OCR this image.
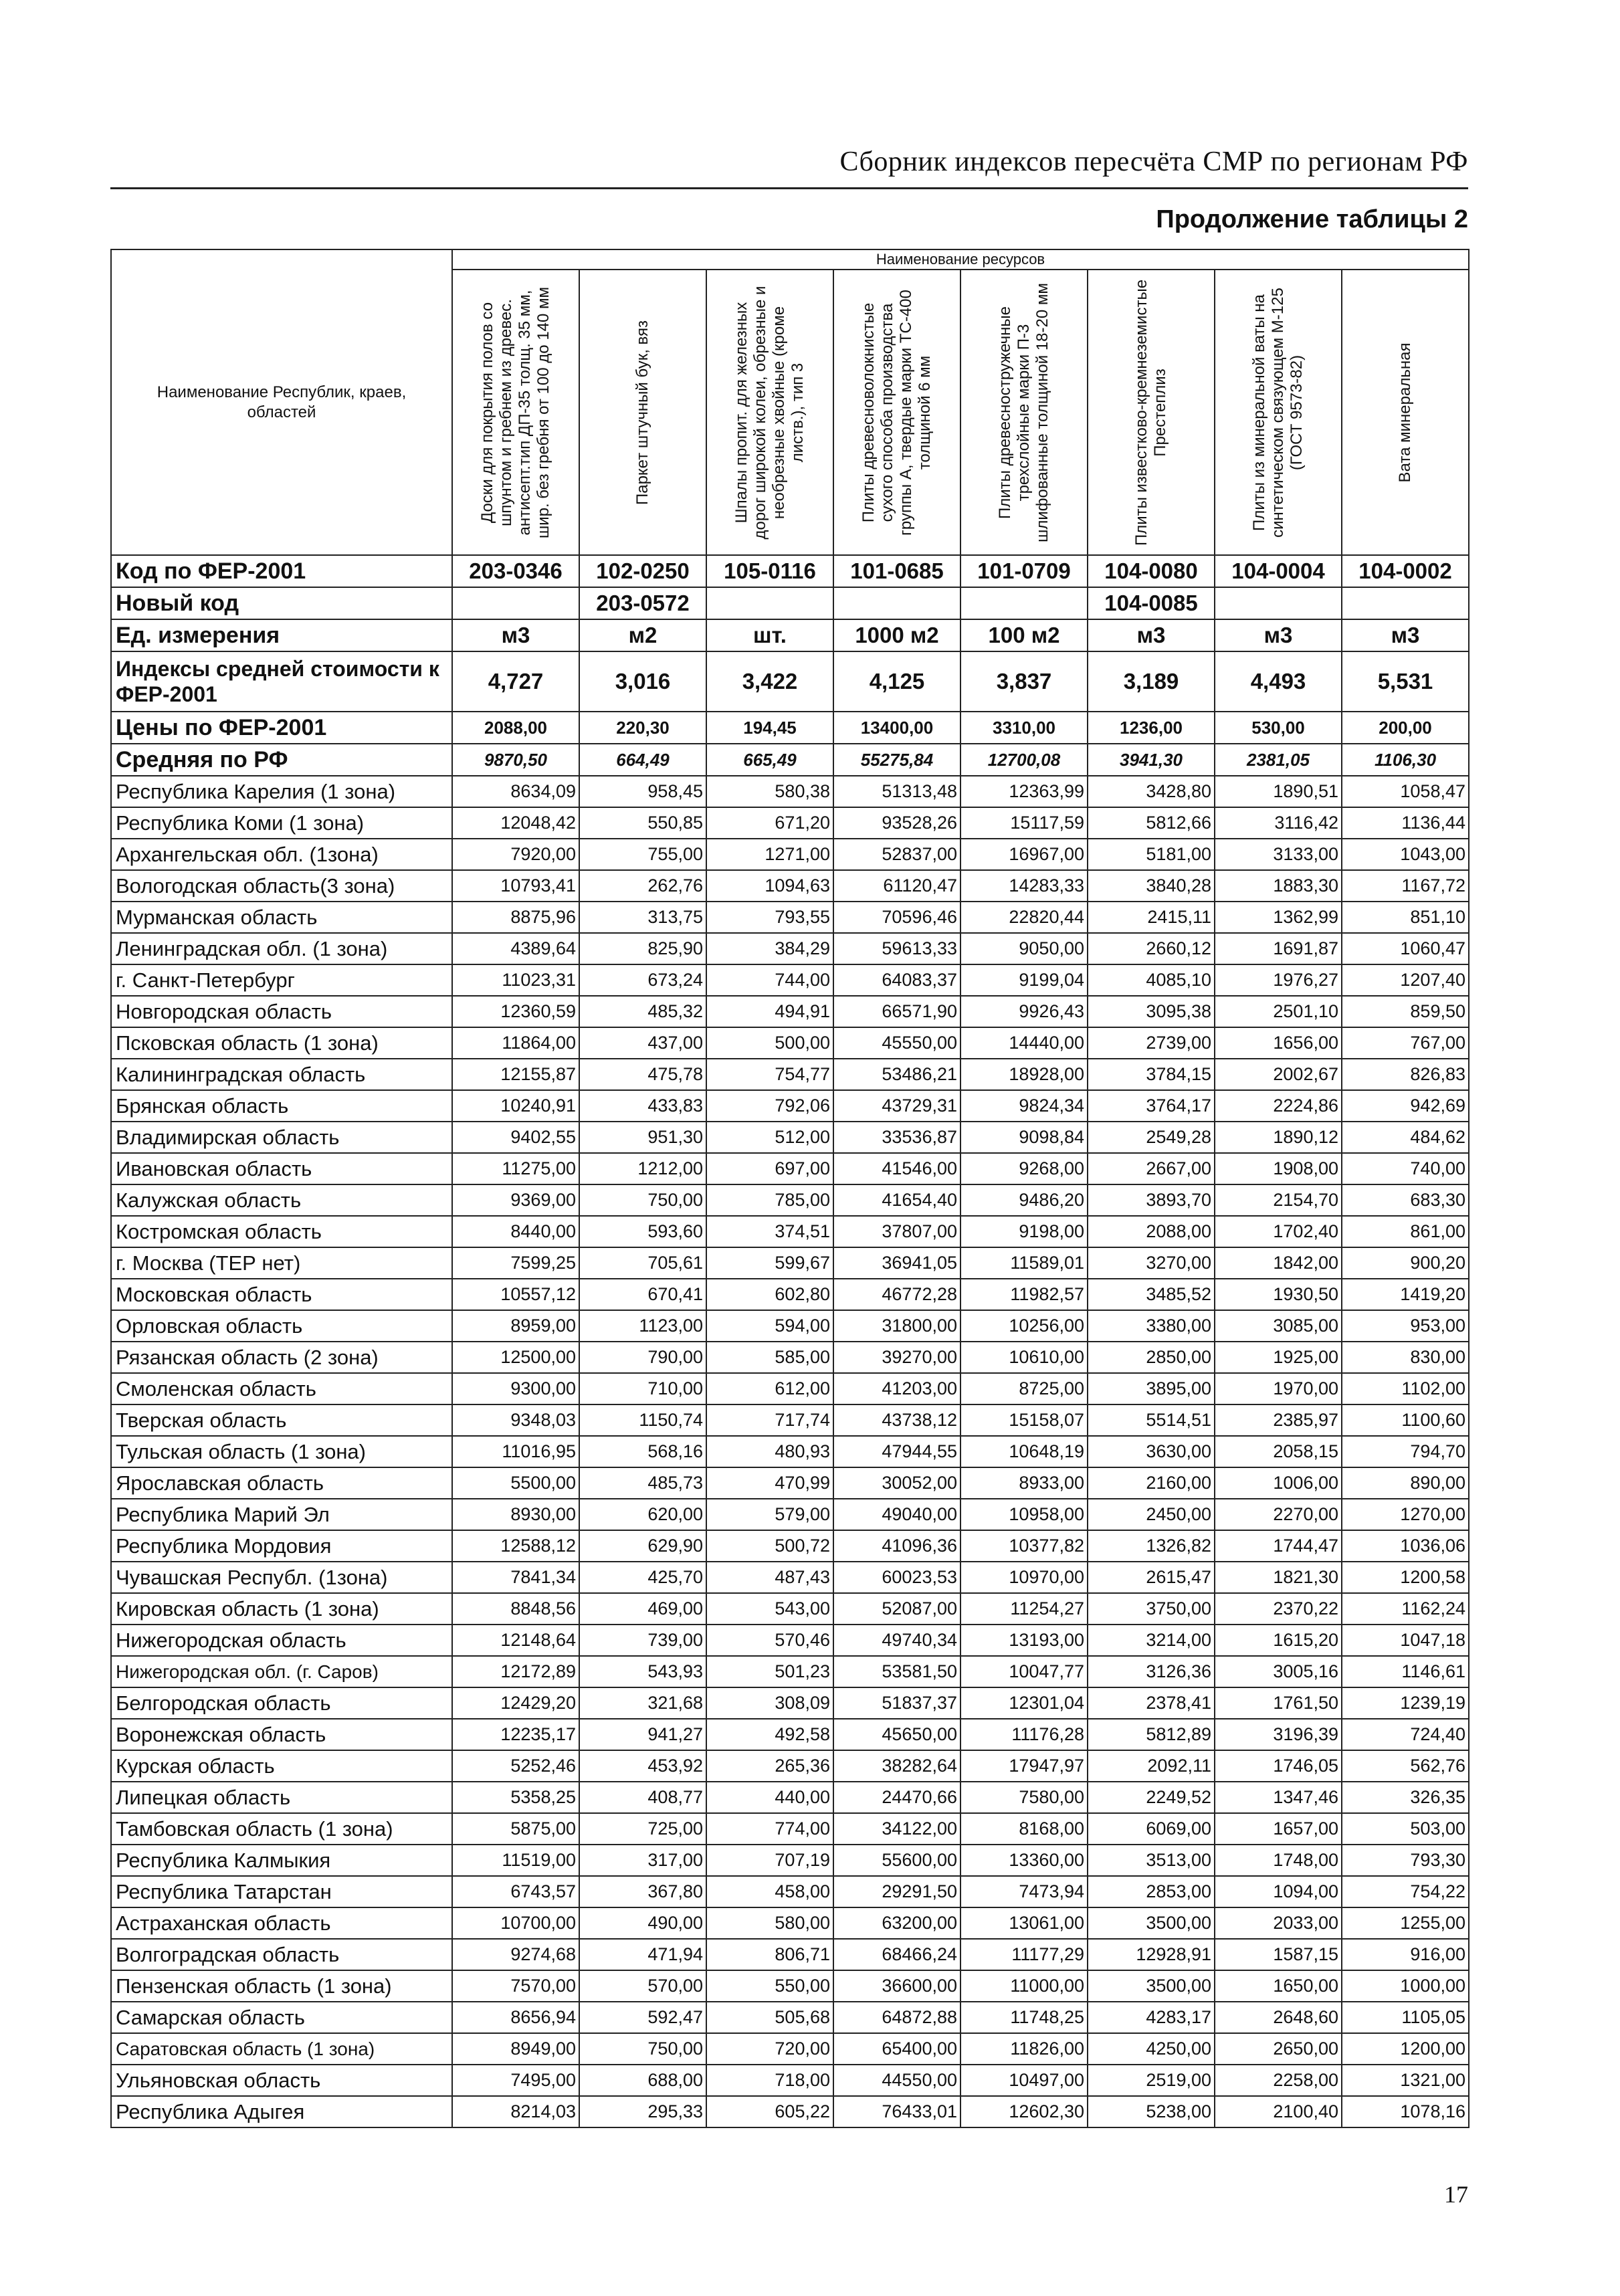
Сборник индексов пересчёта СМР по регионам РФ
Продолжение таблицы 2
Наименование Республик, краев, областей	Наименование ресурсов							

	Доски для покрытия полов со шпунтом и гребнем из древес. антисепт.тип ДП-35 толщ. 35 мм, шир. без гребня от 100 до 140 мм	Паркет штучный бук, вяз	Шпалы пропит. для железных дорог широкой колеи, обрезные и необрезные хвойные (кроме листв.), тип 3	Плиты древесноволокнистые сухого способа производства группы А, твердые марки ТС-400 толщиной 6 мм	Плиты древесностружечные трехслойные марки П-3 шлифованные толщиной 18-20 мм	Плиты известково-кремнеземистые Престеплиз	Плиты из минеральной ваты на синтетическом связующем М-125 (ГОСТ 9573-82)	Вата минеральная

Код по ФЕР-2001	203-0346	102-0250	105-0116	101-0685	101-0709	104-0080	104-0004	104-0002
Новый код		203-0572				104-0085		
Ед. измерения	м3	м2	шт.	1000 м2	100 м2	м3	м3	м3
Индексы средней стоимости к ФЕР-2001	4,727	3,016	3,422	4,125	3,837	3,189	4,493	5,531
Цены по ФЕР-2001	2088,00	220,30	194,45	13400,00	3310,00	1236,00	530,00	200,00
Средняя по РФ	9870,50	664,49	665,49	55275,84	12700,08	3941,30	2381,05	1106,30
Республика Карелия (1 зона)	8634,09	958,45	580,38	51313,48	12363,99	3428,80	1890,51	1058,47
Республика Коми (1 зона)	12048,42	550,85	671,20	93528,26	15117,59	5812,66	3116,42	1136,44
Архангельская обл. (1зона)	7920,00	755,00	1271,00	52837,00	16967,00	5181,00	3133,00	1043,00
Вологодская область(3 зона)	10793,41	262,76	1094,63	61120,47	14283,33	3840,28	1883,30	1167,72
Мурманская область	8875,96	313,75	793,55	70596,46	22820,44	2415,11	1362,99	851,10
Ленинградская обл. (1 зона)	4389,64	825,90	384,29	59613,33	9050,00	2660,12	1691,87	1060,47
г. Санкт-Петербург	11023,31	673,24	744,00	64083,37	9199,04	4085,10	1976,27	1207,40
Новгородская область	12360,59	485,32	494,91	66571,90	9926,43	3095,38	2501,10	859,50
Псковская область (1 зона)	11864,00	437,00	500,00	45550,00	14440,00	2739,00	1656,00	767,00
Калининградская область	12155,87	475,78	754,77	53486,21	18928,00	3784,15	2002,67	826,83
Брянская область	10240,91	433,83	792,06	43729,31	9824,34	3764,17	2224,86	942,69
Владимирская область	9402,55	951,30	512,00	33536,87	9098,84	2549,28	1890,12	484,62
Ивановская область	11275,00	1212,00	697,00	41546,00	9268,00	2667,00	1908,00	740,00
Калужская область	9369,00	750,00	785,00	41654,40	9486,20	3893,70	2154,70	683,30
Костромская область	8440,00	593,60	374,51	37807,00	9198,00	2088,00	1702,40	861,00
г. Москва (ТЕР нет)	7599,25	705,61	599,67	36941,05	11589,01	3270,00	1842,00	900,20
Московская область	10557,12	670,41	602,80	46772,28	11982,57	3485,52	1930,50	1419,20
Орловская область	8959,00	1123,00	594,00	31800,00	10256,00	3380,00	3085,00	953,00
Рязанская область (2 зона)	12500,00	790,00	585,00	39270,00	10610,00	2850,00	1925,00	830,00
Смоленская область	9300,00	710,00	612,00	41203,00	8725,00	3895,00	1970,00	1102,00
Тверская область	9348,03	1150,74	717,74	43738,12	15158,07	5514,51	2385,97	1100,60
Тульская область (1 зона)	11016,95	568,16	480,93	47944,55	10648,19	3630,00	2058,15	794,70
Ярославская область	5500,00	485,73	470,99	30052,00	8933,00	2160,00	1006,00	890,00
Республика Марий Эл	8930,00	620,00	579,00	49040,00	10958,00	2450,00	2270,00	1270,00
Республика Мордовия	12588,12	629,90	500,72	41096,36	10377,82	1326,82	1744,47	1036,06
Чувашская Республ. (1зона)	7841,34	425,70	487,43	60023,53	10970,00	2615,47	1821,30	1200,58
Кировская область (1 зона)	8848,56	469,00	543,00	52087,00	11254,27	3750,00	2370,22	1162,24
Нижегородская область	12148,64	739,00	570,46	49740,34	13193,00	3214,00	1615,20	1047,18
Нижегородская обл. (г. Саров)	12172,89	543,93	501,23	53581,50	10047,77	3126,36	3005,16	1146,61
Белгородская область	12429,20	321,68	308,09	51837,37	12301,04	2378,41	1761,50	1239,19
Воронежская область	12235,17	941,27	492,58	45650,00	11176,28	5812,89	3196,39	724,40
Курская область	5252,46	453,92	265,36	38282,64	17947,97	2092,11	1746,05	562,76
Липецкая область	5358,25	408,77	440,00	24470,66	7580,00	2249,52	1347,46	326,35
Тамбовская область (1 зона)	5875,00	725,00	774,00	34122,00	8168,00	6069,00	1657,00	503,00
Республика Калмыкия	11519,00	317,00	707,19	55600,00	13360,00	3513,00	1748,00	793,30
Республика Татарстан	6743,57	367,80	458,00	29291,50	7473,94	2853,00	1094,00	754,22
Астраханская область	10700,00	490,00	580,00	63200,00	13061,00	3500,00	2033,00	1255,00
Волгоградская область	9274,68	471,94	806,71	68466,24	11177,29	12928,91	1587,15	916,00
Пензенская область (1 зона)	7570,00	570,00	550,00	36600,00	11000,00	3500,00	1650,00	1000,00
Самарская область	8656,94	592,47	505,68	64872,88	11748,25	4283,17	2648,60	1105,05
Саратовская область (1 зона)	8949,00	750,00	720,00	65400,00	11826,00	4250,00	2650,00	1200,00
Ульяновская область	7495,00	688,00	718,00	44550,00	10497,00	2519,00	2258,00	1321,00
Республика Адыгея	8214,03	295,33	605,22	76433,01	12602,30	5238,00	2100,40	1078,16
17
